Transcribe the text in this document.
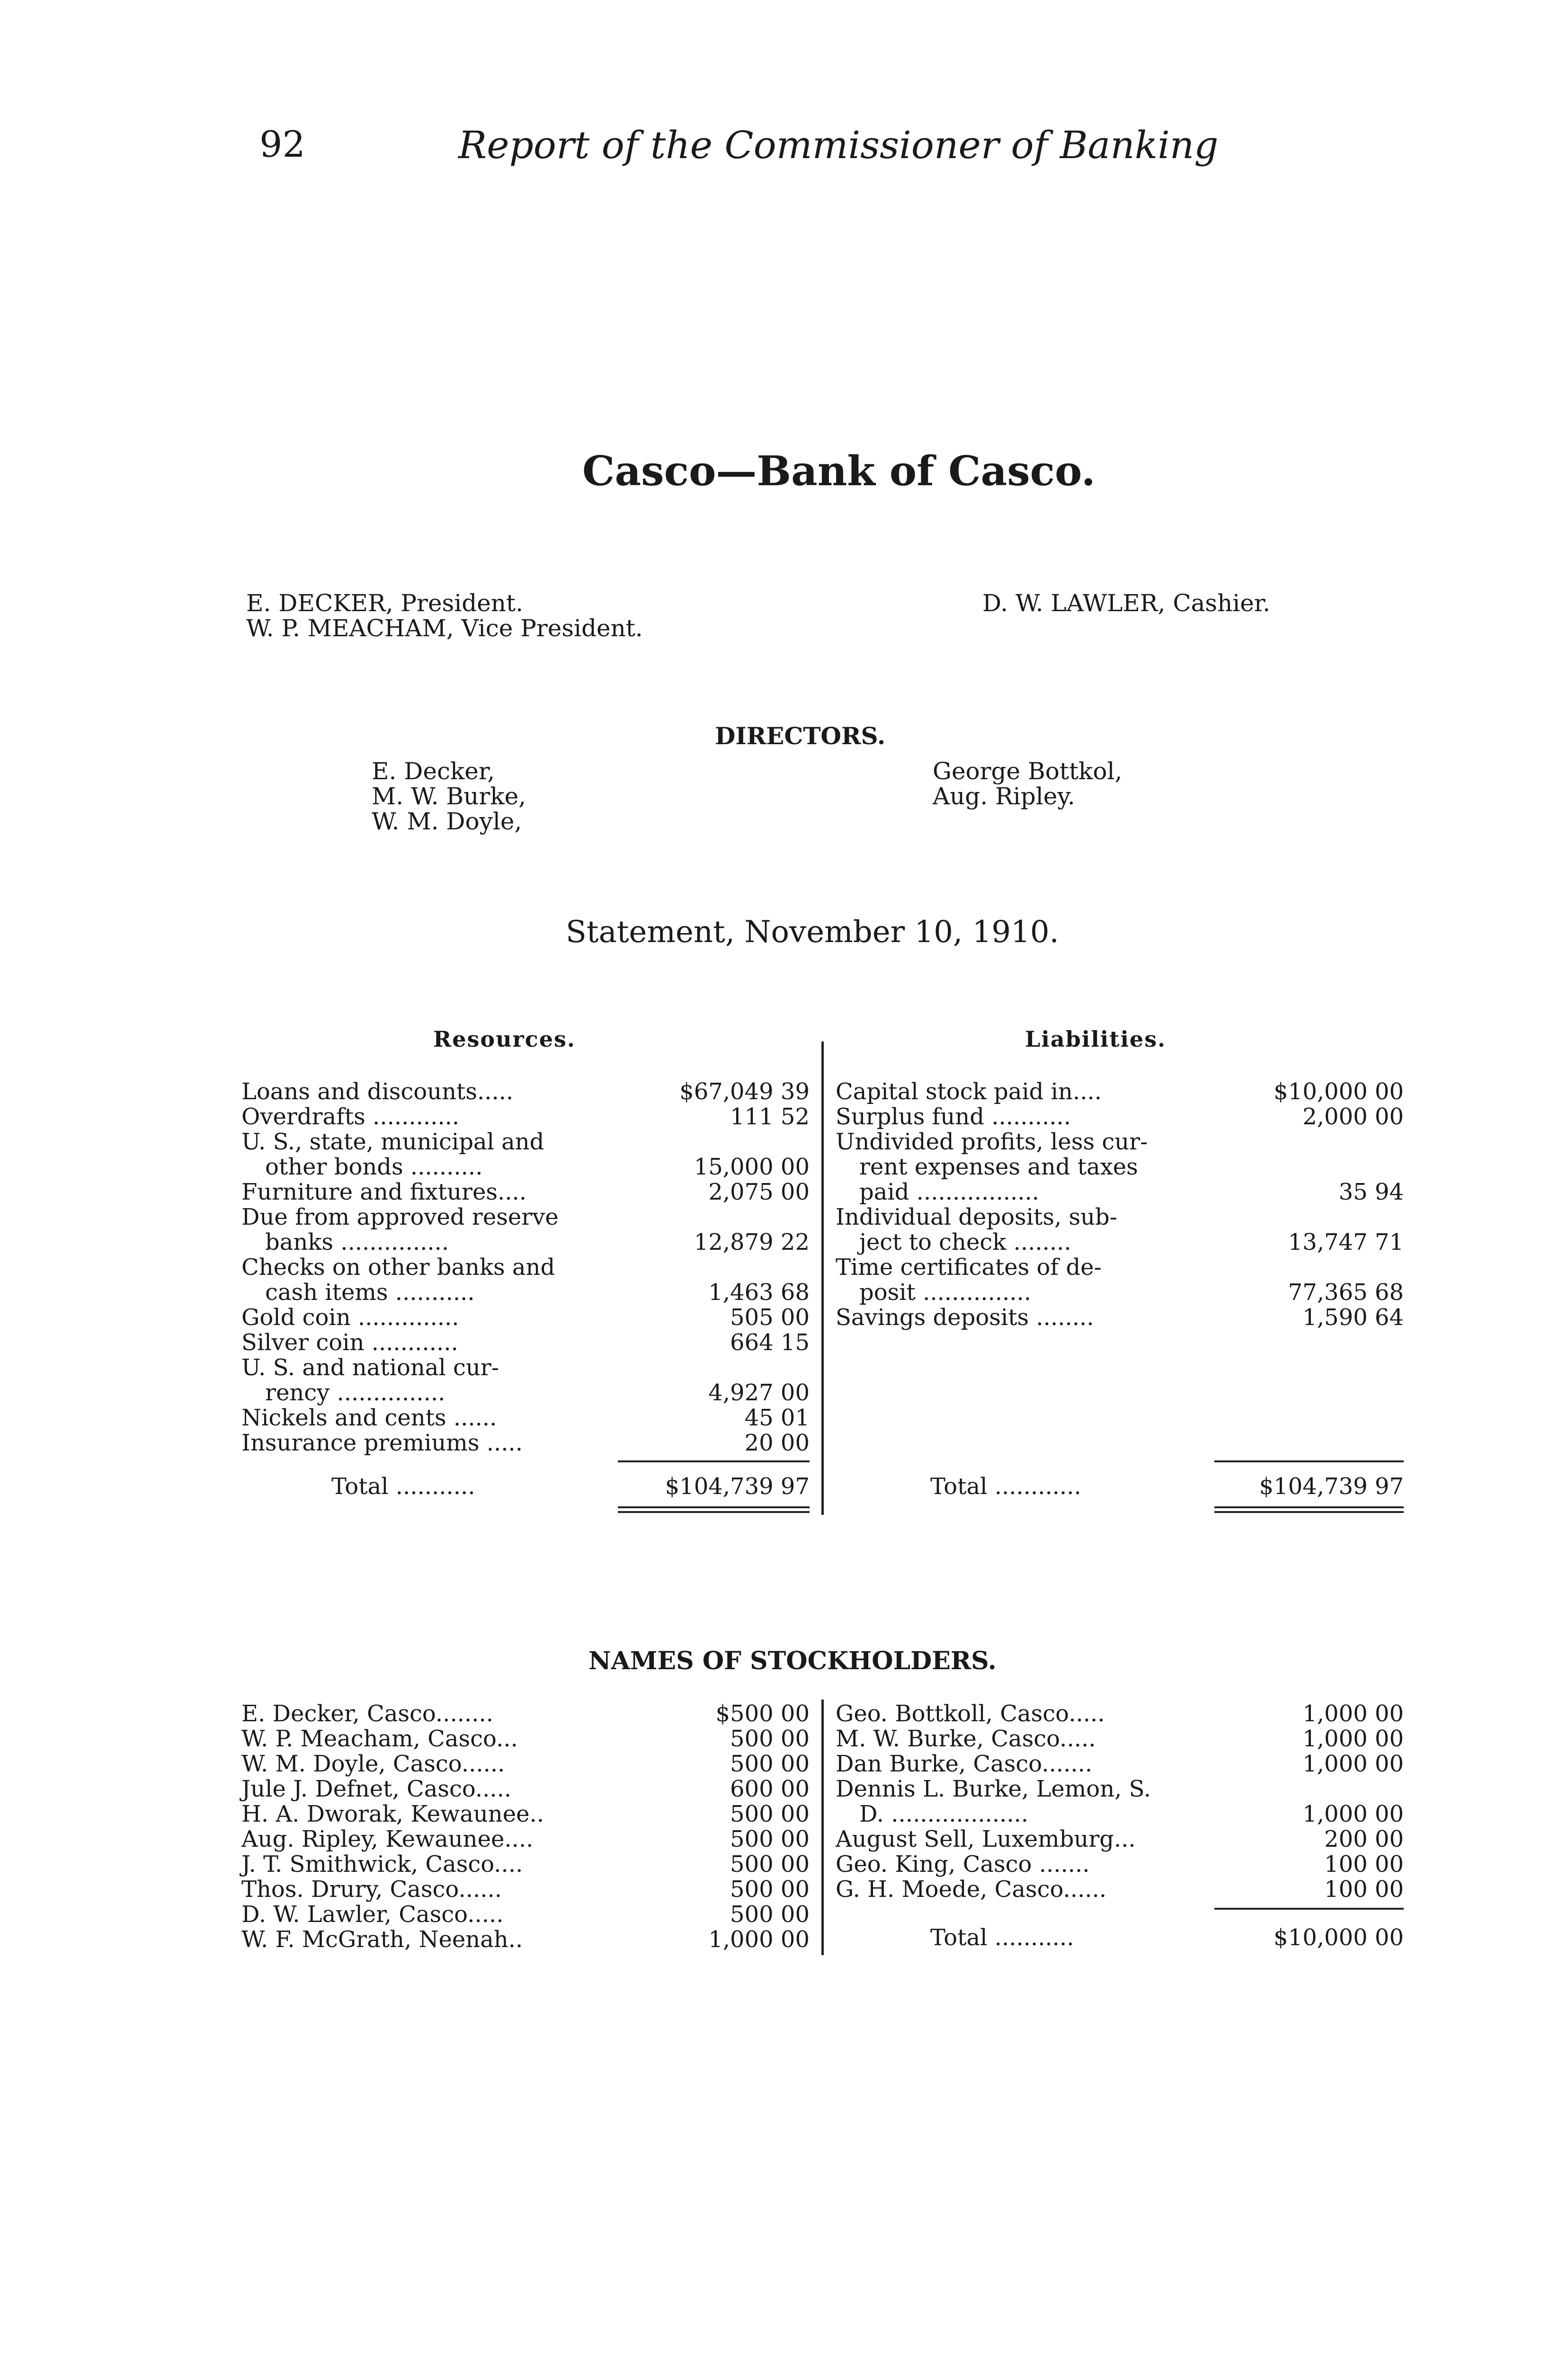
92	Report of the Commissioner of Banking
Casco—Bank of Casco.
E. DECKER, President.
W. P. MEACHAM, Vice President.
D. W. LAWLER, Cashier.
DIRECTORS.
E. Decker,
M. W. Burke,
W. M. Doyle,
George Bottkol,
Aug. Ripley.
Statement, November 10, 1910.
Resources.	Liabilities.
Loans and discounts.....	$67,049 39
Overdrafts ............	111 52
U. S., state, municipal and
other bonds ..........	15,000 00
Furniture and fixtures....	2,075 00
Due from approved reserve
banks ...............	12,879 22
Checks on other banks and
cash items ...........	1,463 68
Gold coin ..............	505 00
Silver coin ............	664 15
U. S. and national cur-
rency ...............	4,927 00
Nickels and cents ......	45 01
Insurance premiums .....	20 00
Total ...........	$104,739 97
Capital stock paid in....	$10,000 00
Surplus fund ...........	2,000 00
Undivided profits, less cur-
rent expenses and taxes
paid .................	35 94
Individual deposits, sub-
ject to check ........	13,747 71
Time certificates of de-
posit ...............	77,365 68
Savings deposits ........	1,590 64
Total ............	$104,739 97
NAMES OF STOCKHOLDERS.
E. Decker, Casco........	$500 00
W. P. Meacham, Casco...	500 00
W. M. Doyle, Casco......	500 00
Jule J. Defnet, Casco.....	600 00
H. A. Dworak, Kewaunee..	500 00
Aug. Ripley, Kewaunee....	500 00
J. T. Smithwick, Casco....	500 00
Thos. Drury, Casco......	500 00
D. W. Lawler, Casco.....	500 00
W. F. McGrath, Neenah..	1,000 00
Geo. Bottkoll, Casco.....	1,000 00
M. W. Burke, Casco.....	1,000 00
Dan Burke, Casco.......	1,000 00
Dennis L. Burke, Lemon, S.
D. ...................	1,000 00
August Sell, Luxemburg...	200 00
Geo. King, Casco .......	100 00
G. H. Moede, Casco......	100 00
Total ...........	$10,000 00
